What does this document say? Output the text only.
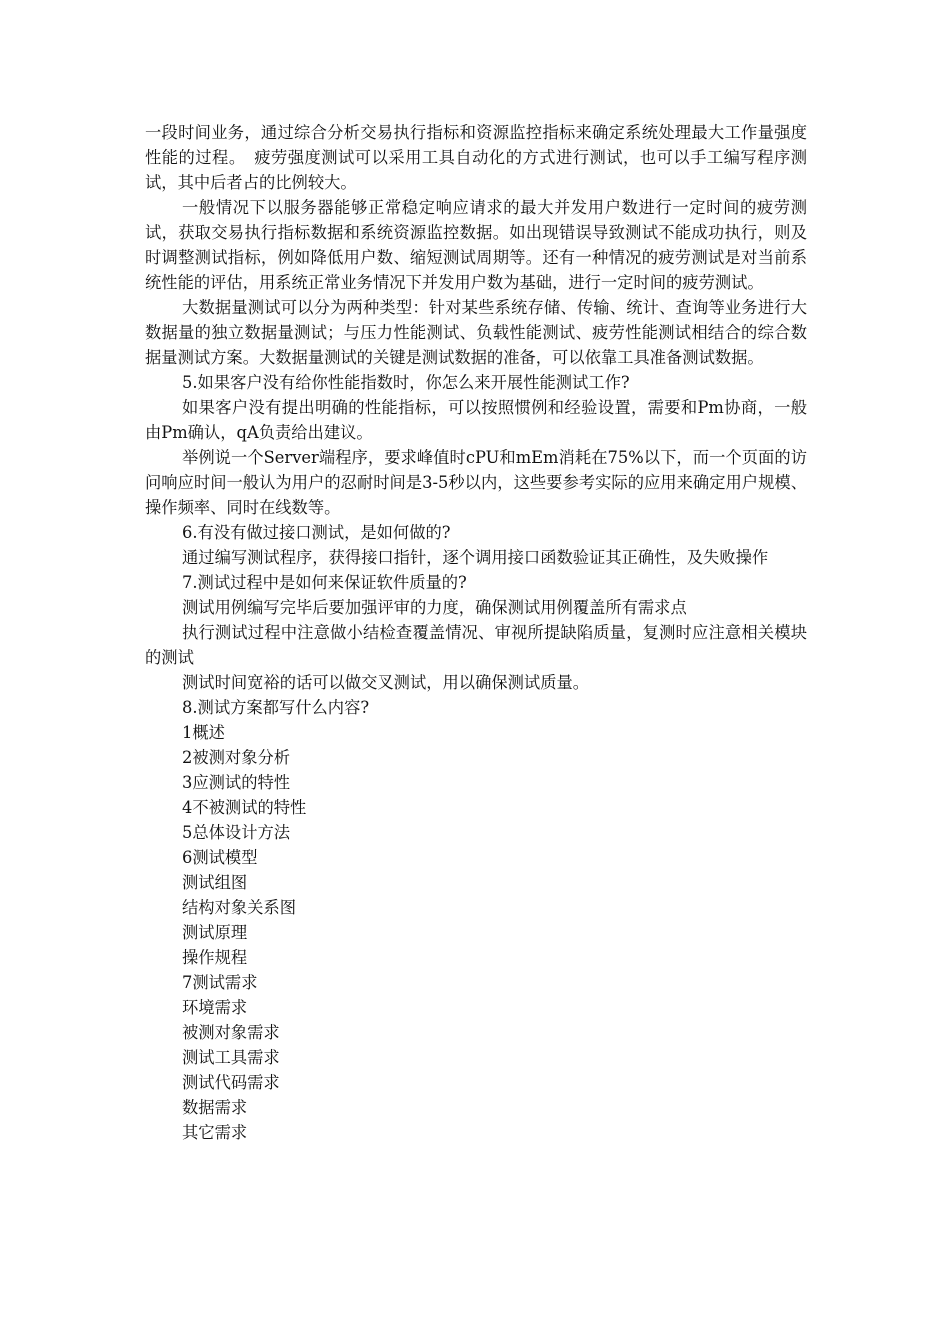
一段时间业务，通过综合分析交易执行指标和资源监控指标来确定系统处理最大工作量强度性能的过程。　疲劳强度测试可以采用工具自动化的方式进行测试，也可以手工编写程序测试，其中后者占的比例较大。

一般情况下以服务器能够正常稳定响应请求的最大并发用户数进行一定时间的疲劳测试，获取交易执行指标数据和系统资源监控数据。如出现错误导致测试不能成功执行，则及时调整测试指标，例如降低用户数、缩短测试周期等。还有一种情况的疲劳测试是对当前系统性能的评估，用系统正常业务情况下并发用户数为基础，进行一定时间的疲劳测试。

大数据量测试可以分为两种类型：针对某些系统存储、传输、统计、查询等业务进行大数据量的独立数据量测试；与压力性能测试、负载性能测试、疲劳性能测试相结合的综合数据量测试方案。大数据量测试的关键是测试数据的准备，可以依靠工具准备测试数据。

5.如果客户没有给你性能指数时，你怎么来开展性能测试工作?

如果客户没有提出明确的性能指标，可以按照惯例和经验设置，需要和Pm协商，一般由Pm确认，qA负责给出建议。

举例说一个Server端程序，要求峰值时cPU和mEm消耗在75%以下，而一个页面的访问响应时间一般认为用户的忍耐时间是3-5秒以内，这些要参考实际的应用来确定用户规模、操作频率、同时在线数等。

6.有没有做过接口测试，是如何做的?

通过编写测试程序，获得接口指针，逐个调用接口函数验证其正确性，及失败操作

7.测试过程中是如何来保证软件质量的?

测试用例编写完毕后要加强评审的力度，确保测试用例覆盖所有需求点

执行测试过程中注意做小结检查覆盖情况、审视所提缺陷质量，复测时应注意相关模块的测试

测试时间宽裕的话可以做交叉测试，用以确保测试质量。

8.测试方案都写什么内容?

1概述

2被测对象分析

3应测试的特性

4不被测试的特性

5总体设计方法

6测试模型

测试组图

结构对象关系图

测试原理

操作规程

7测试需求

环境需求

被测对象需求

测试工具需求

测试代码需求

数据需求

其它需求
